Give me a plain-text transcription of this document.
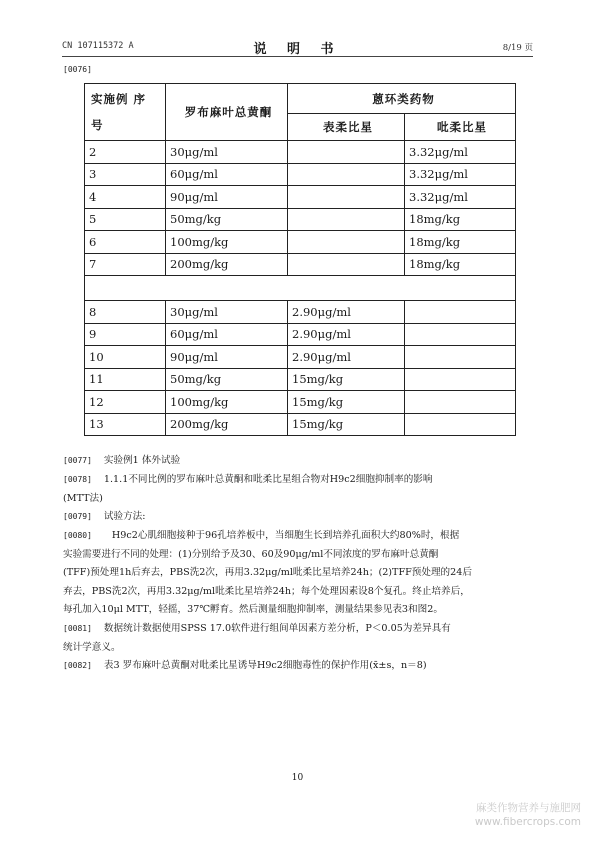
CN 107115372 A	说 明 书	8/19 页
[0076]
实施例 序号	罗布麻叶总黄酮	蒽环类药物	
		表柔比星	吡柔比星
2	30μg/ml		3.32μg/ml
3	60μg/ml		3.32μg/ml
4	90μg/ml		3.32μg/ml
5	50mg/kg		18mg/kg
6	100mg/kg		18mg/kg
7	200mg/kg		18mg/kg

8	30μg/ml	2.90μg/ml	
9	60μg/ml	2.90μg/ml	
10	90μg/ml	2.90μg/ml	
11	50mg/kg	15mg/kg	
12	100mg/kg	15mg/kg	
13	200mg/kg	15mg/kg	
[0077] 实验例1 体外试验
[0078] 1.1.1不同比例的罗布麻叶总黄酮和吡柔比星组合物对H9c2细胞抑制率的影响
(MTT法)
[0079] 试验方法:
[0080] H9c2心肌细胞接种于96孔培养板中，当细胞生长到培养孔面积大约80%时，根据
实验需要进行不同的处理：(1)分别给予及30、60及90μg/ml不同浓度的罗布麻叶总黄酮
(TFF)预处理1h后弃去，PBS洗2次，再用3.32μg/ml吡柔比星培养24h；(2)TFF预处理的24后
弃去，PBS洗2次，再用3.32μg/ml吡柔比星培养24h；每个处理因素设8个复孔。终止培养后，
每孔加入10μl MTT，轻摇，37℃孵育。然后测量细胞抑制率，测量结果参见表3和图2。
[0081] 数据统计数据使用SPSS 17.0软件进行组间单因素方差分析，P＜0.05为差异具有
统计学意义。
[0082] 表3 罗布麻叶总黄酮对吡柔比星诱导H9c2细胞毒性的保护作用(x̄±s，n＝8)
10
麻类作物营养与施肥网
www.fibercrops.com
